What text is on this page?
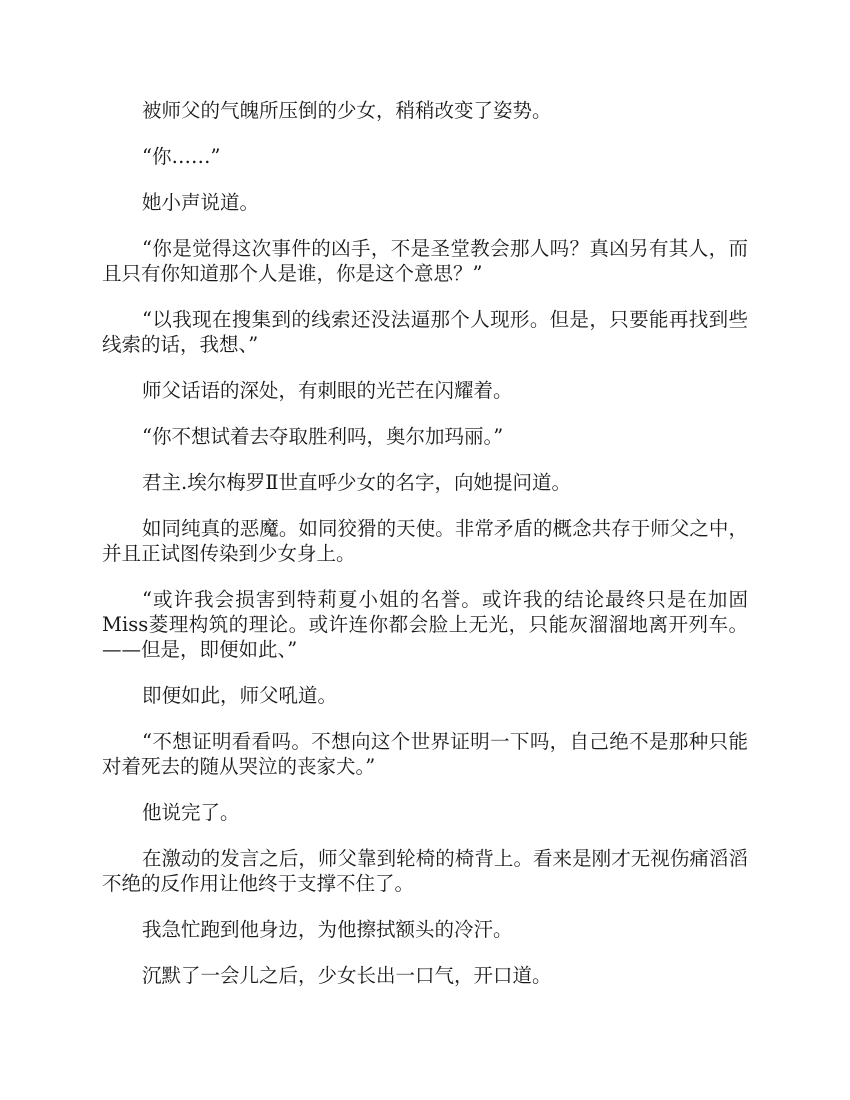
被师父的气魄所压倒的少女，稍稍改变了姿势。

“你……”

她小声说道。

“你是觉得这次事件的凶手，不是圣堂教会那人吗？真凶另有其人，而且只有你知道那个人是谁，你是这个意思？”

“以我现在搜集到的线索还没法逼那个人现形。但是，只要能再找到些线索的话，我想、”

师父话语的深处，有刺眼的光芒在闪耀着。

“你不想试着去夺取胜利吗，奥尔加玛丽。”

君主.埃尔梅罗Ⅱ世直呼少女的名字，向她提问道。

如同纯真的恶魔。如同狡猾的天使。非常矛盾的概念共存于师父之中，并且正试图传染到少女身上。

“或许我会损害到特莉夏小姐的名誉。或许我的结论最终只是在加固Miss菱理构筑的理论。或许连你都会脸上无光，只能灰溜溜地离开列车。——但是，即便如此、”

即便如此，师父吼道。

“不想证明看看吗。不想向这个世界证明一下吗，自己绝不是那种只能对着死去的随从哭泣的丧家犬。”

他说完了。

在激动的发言之后，师父靠到轮椅的椅背上。看来是刚才无视伤痛滔滔不绝的反作用让他终于支撑不住了。

我急忙跑到他身边，为他擦拭额头的冷汗。

沉默了一会儿之后，少女长出一口气，开口道。
